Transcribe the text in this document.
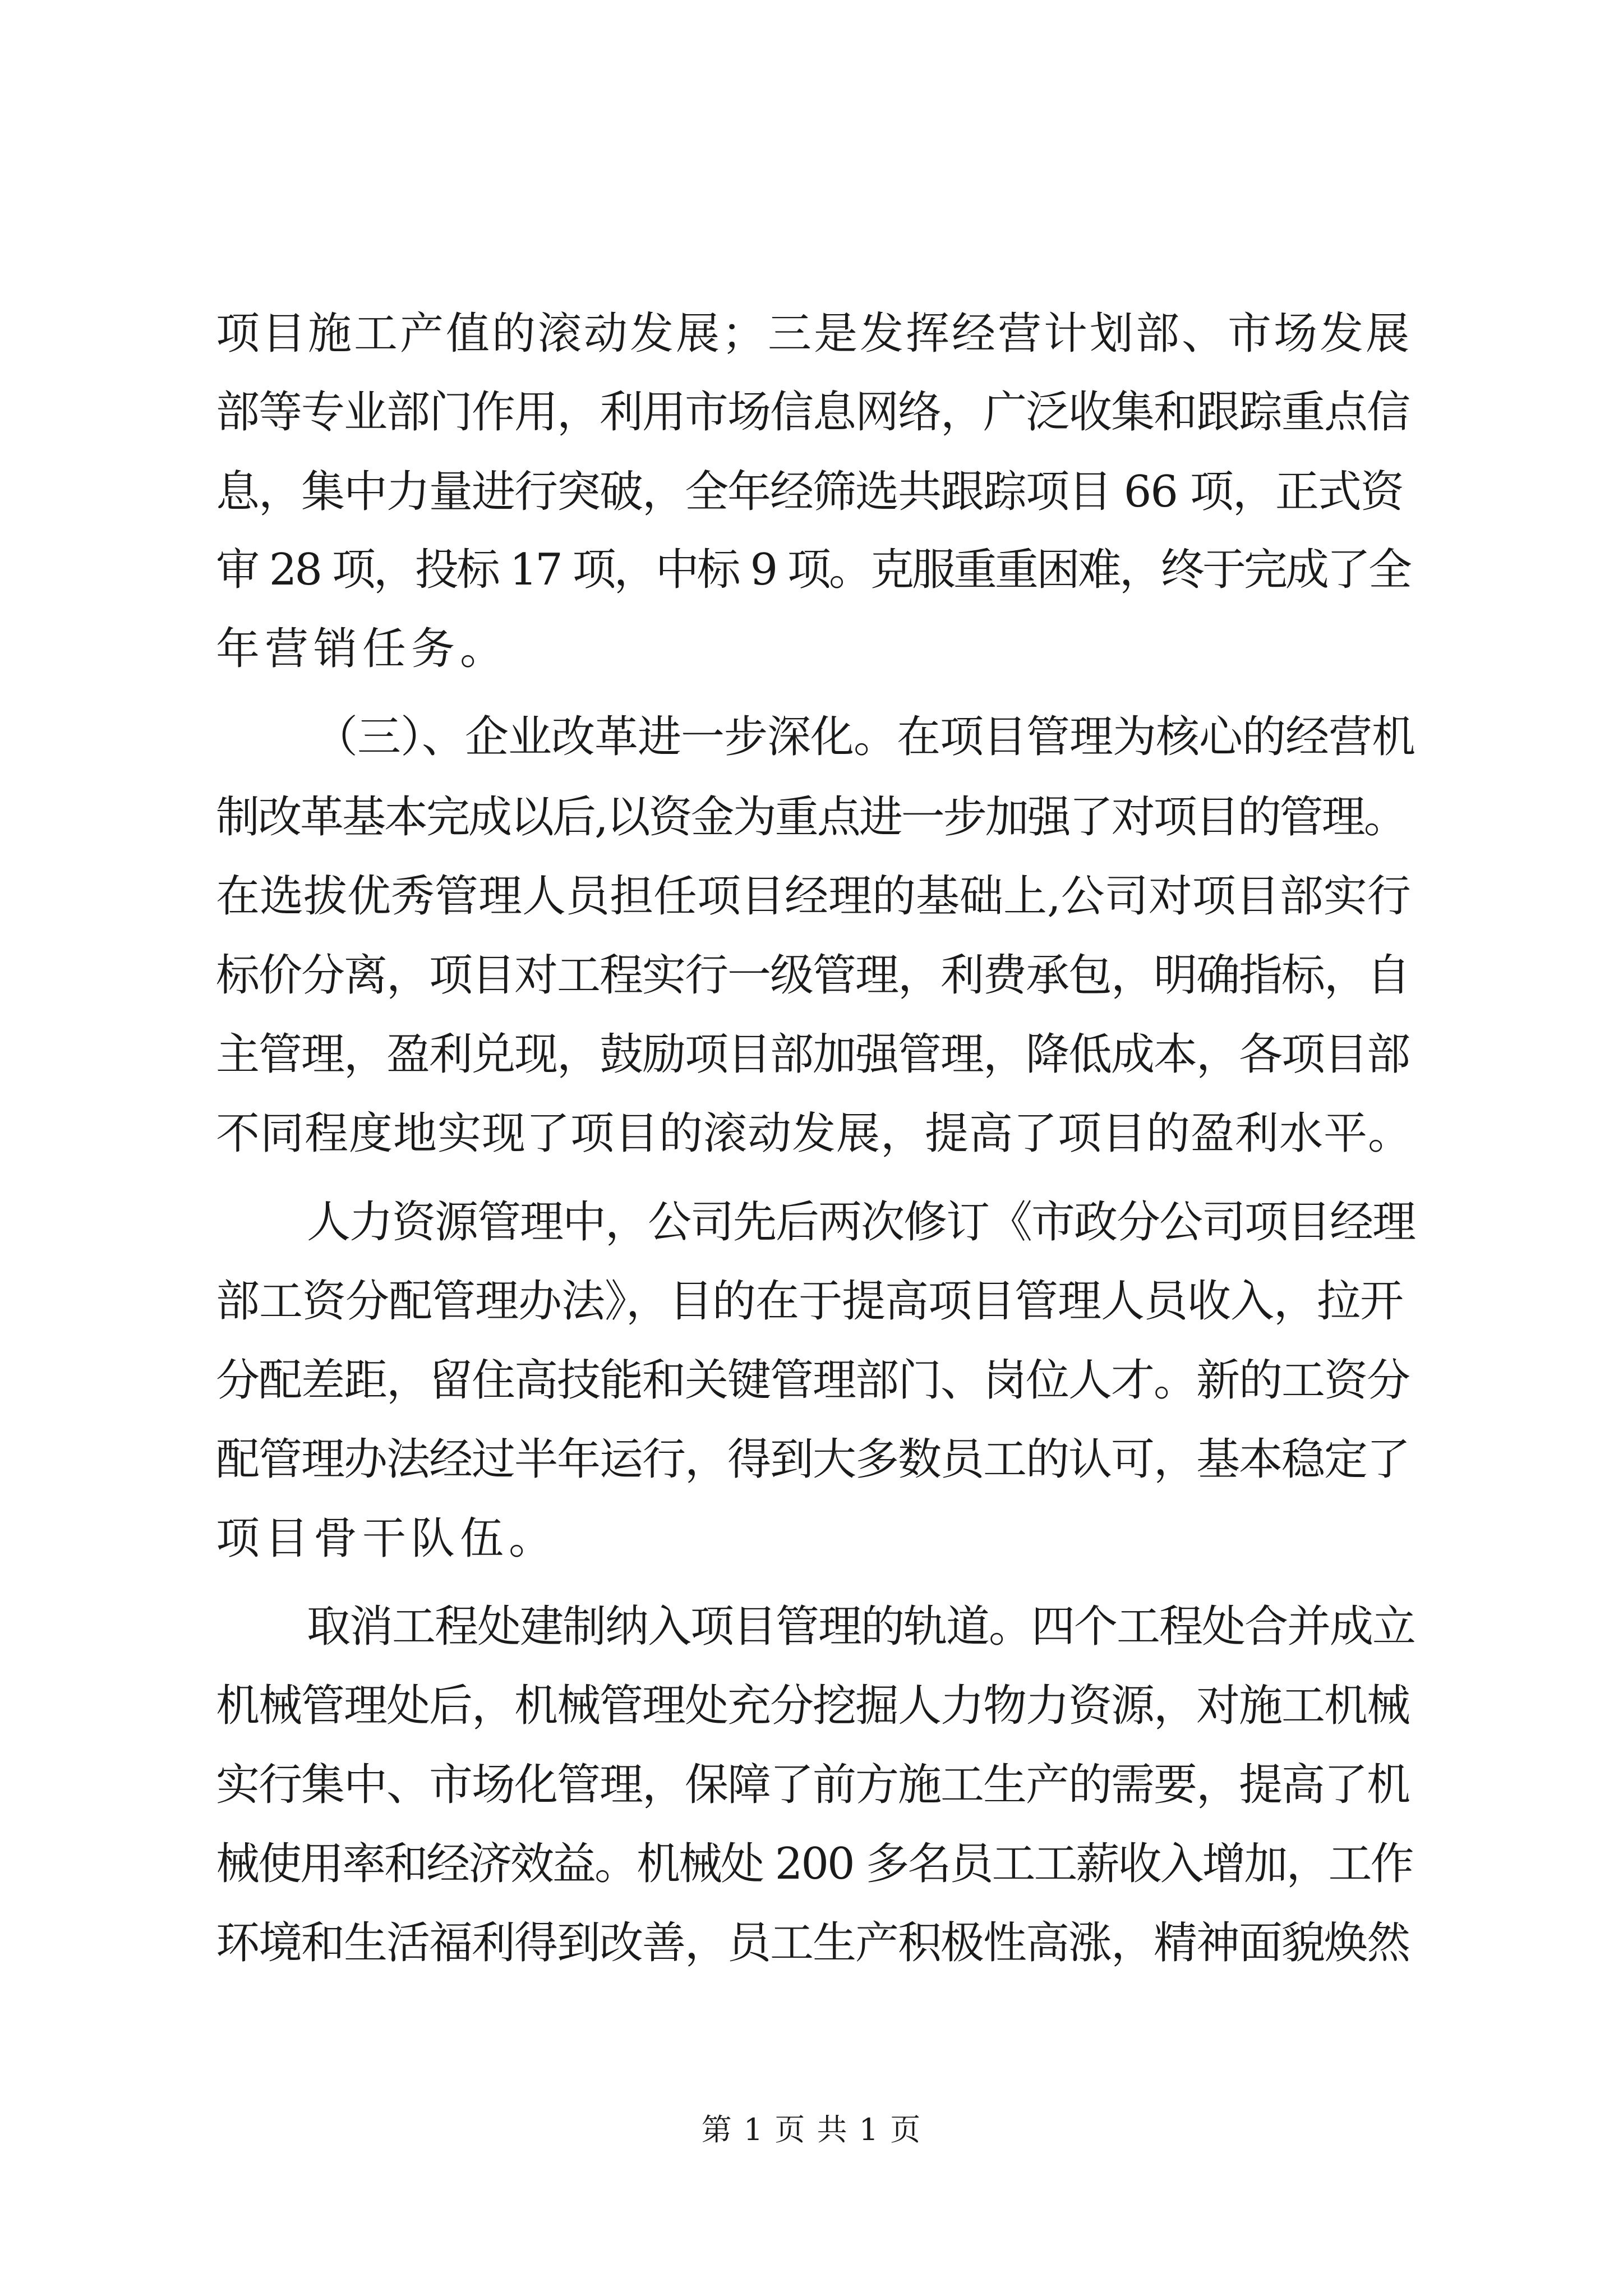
项目施工产值的滚动发展；三是发挥经营计划部、市场发展
部等专业部门作用，利用市场信息网络，广泛收集和跟踪重点信
息，集中力量进行突破，全年经筛选共跟踪项目 66 项，正式资
审 28 项，投标 17 项，中标 9 项。克服重重困难，终于完成了全
年营销任务。
（三）、企业改革进一步深化。在项目管理为核心的经营机
制改革基本完成以后,以资金为重点进一步加强了对项目的管理。
在选拔优秀管理人员担任项目经理的基础上,公司对项目部实行
标价分离，项目对工程实行一级管理，利费承包，明确指标，自
主管理，盈利兑现，鼓励项目部加强管理，降低成本，各项目部
不同程度地实现了项目的滚动发展，提高了项目的盈利水平。
人力资源管理中，公司先后两次修订《市政分公司项目经理
部工资分配管理办法》，目的在于提高项目管理人员收入，拉开
分配差距，留住高技能和关键管理部门、岗位人才。新的工资分
配管理办法经过半年运行，得到大多数员工的认可，基本稳定了
项目骨干队伍。
取消工程处建制纳入项目管理的轨道。四个工程处合并成立
机械管理处后，机械管理处充分挖掘人力物力资源，对施工机械
实行集中、市场化管理，保障了前方施工生产的需要，提高了机
械使用率和经济效益。机械处 200 多名员工工薪收入增加，工作
环境和生活福利得到改善，员工生产积极性高涨，精神面貌焕然
第 1 页 共 1 页
